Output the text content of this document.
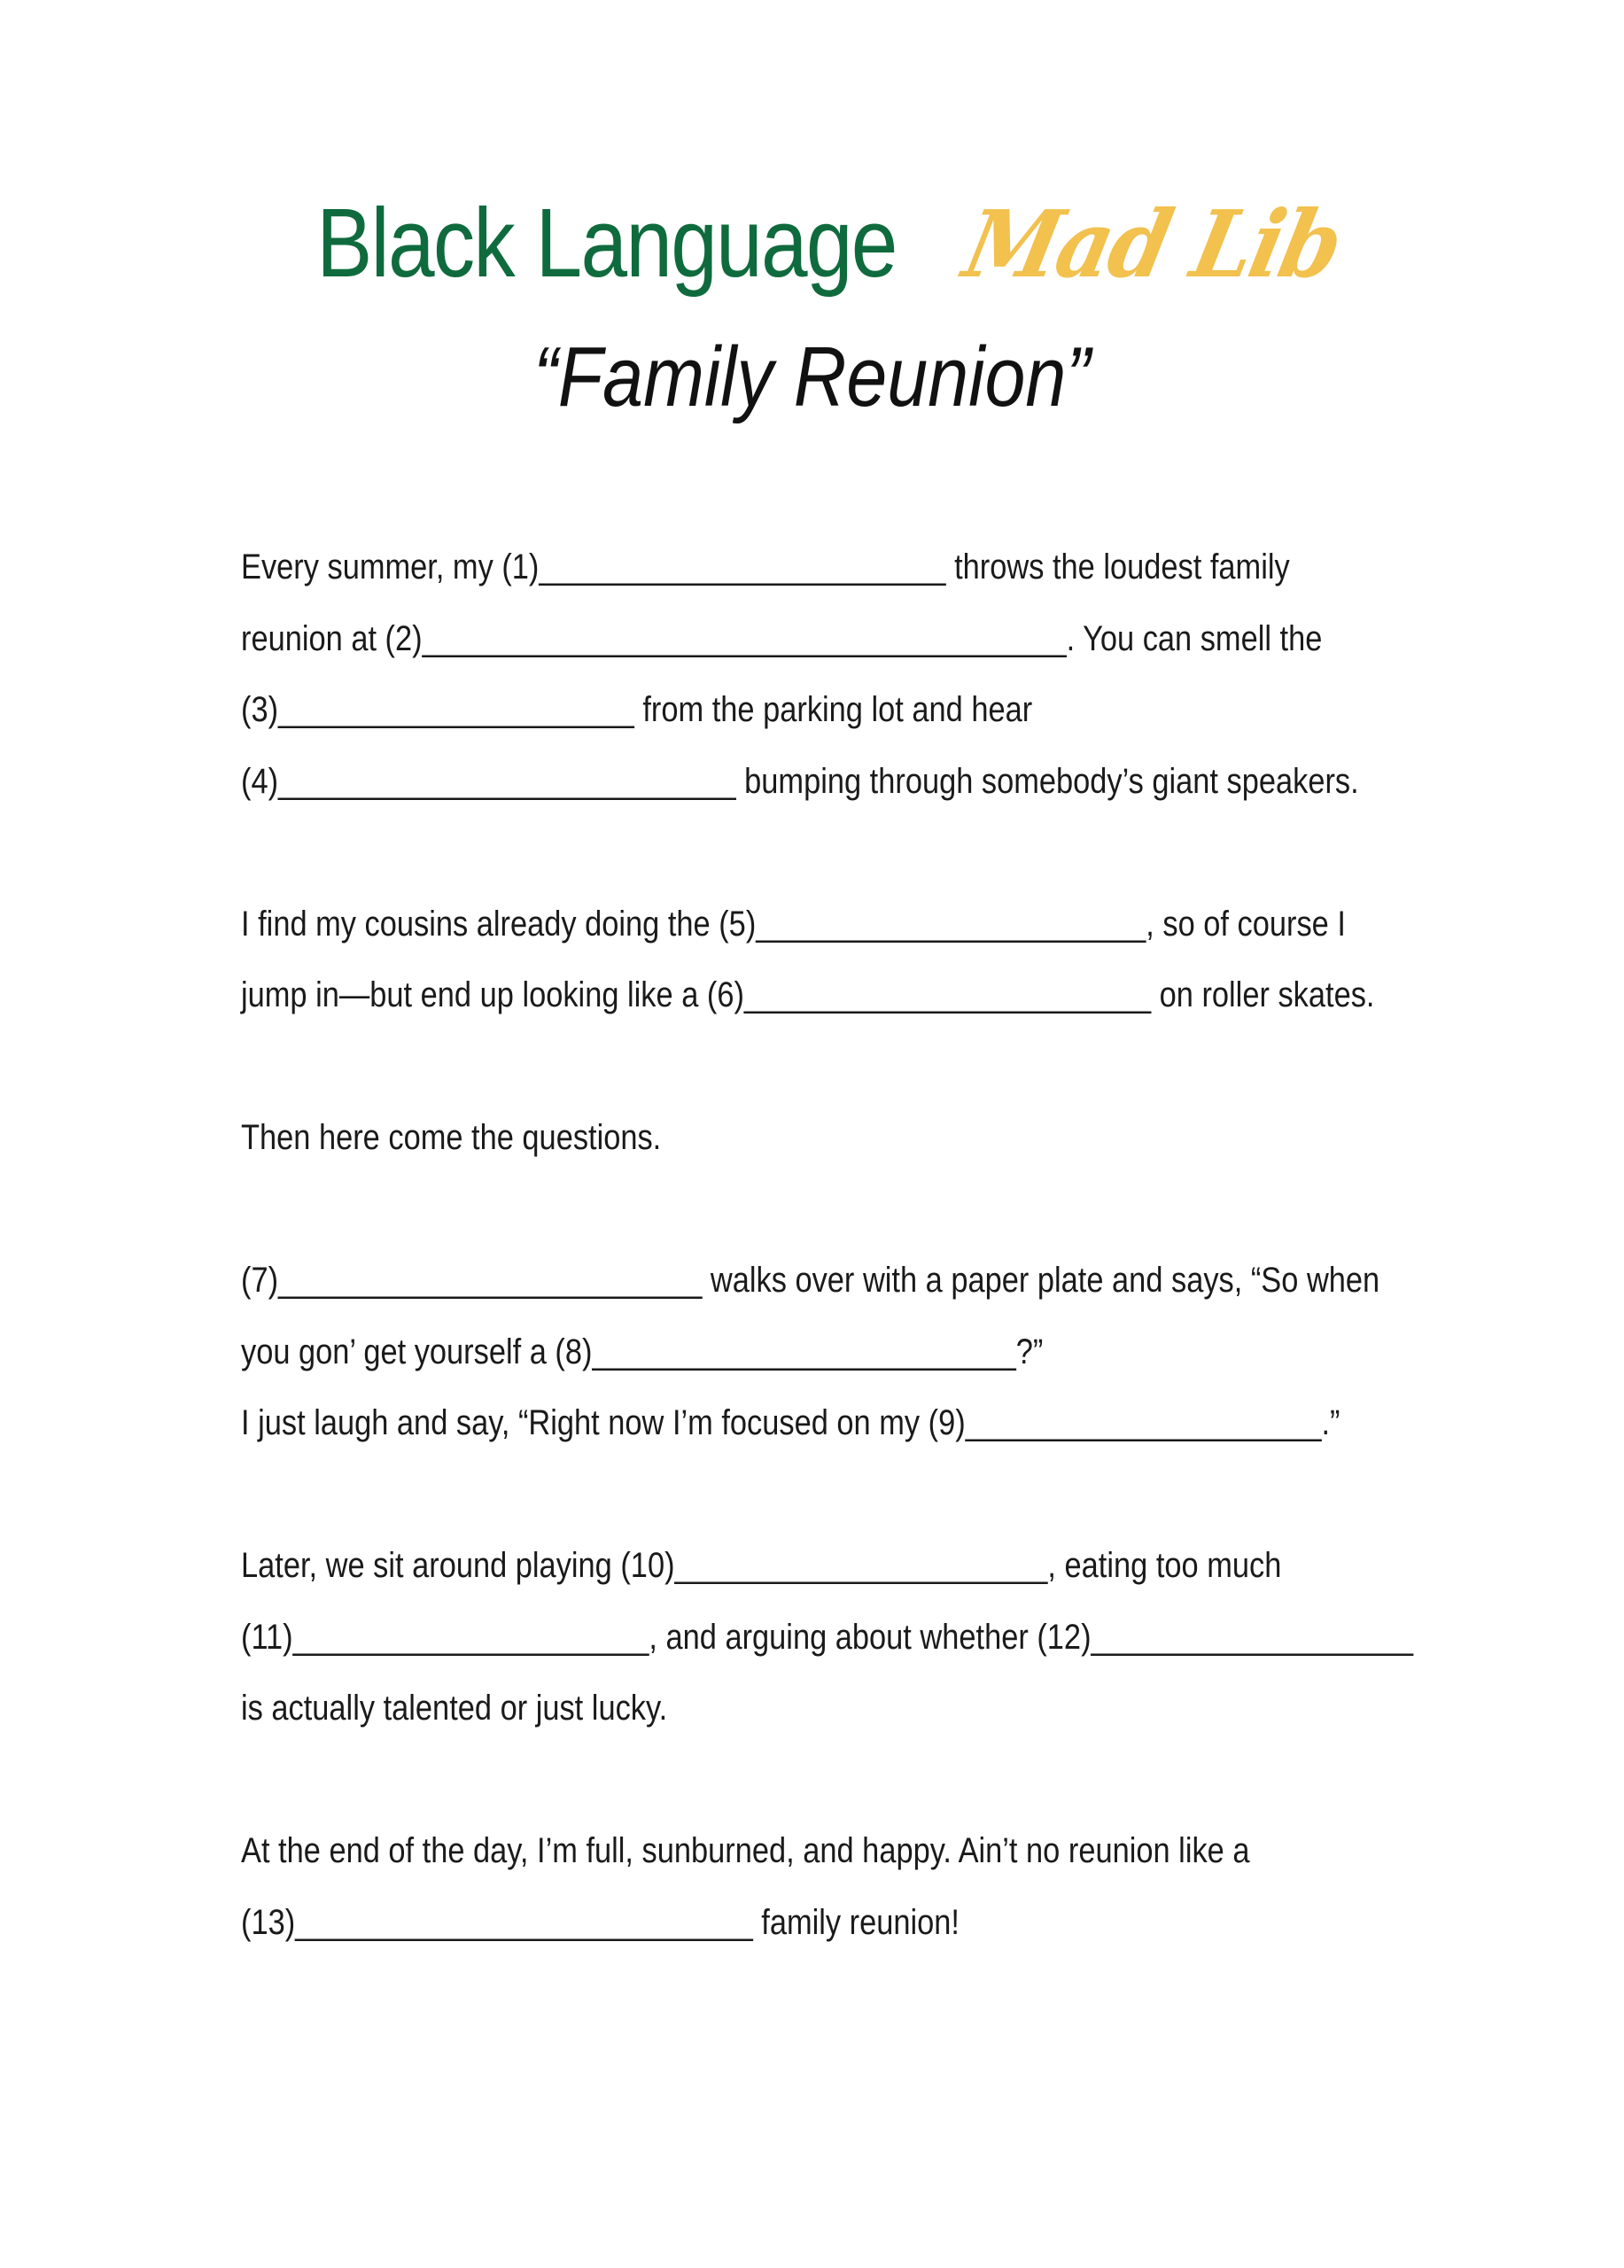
Black Language Mad Lib
“Family Reunion”
Every summer, my (1)________________________ throws the loudest family
reunion at (2)______________________________________. You can smell the
(3)_____________________ from the parking lot and hear
(4)___________________________ bumping through somebody’s giant speakers.
I find my cousins already doing the (5)_______________________, so of course I
jump in—but end up looking like a (6)________________________ on roller skates.
Then here come the questions.
(7)_________________________ walks over with a paper plate and says, “So when
you gon’ get yourself a (8)_________________________?”
I just laugh and say, “Right now I’m focused on my (9)_____________________.”
Later, we sit around playing (10)______________________, eating too much
(11)_____________________, and arguing about whether (12)___________________
is actually talented or just lucky.
At the end of the day, I’m full, sunburned, and happy. Ain’t no reunion like a
(13)___________________________ family reunion!
